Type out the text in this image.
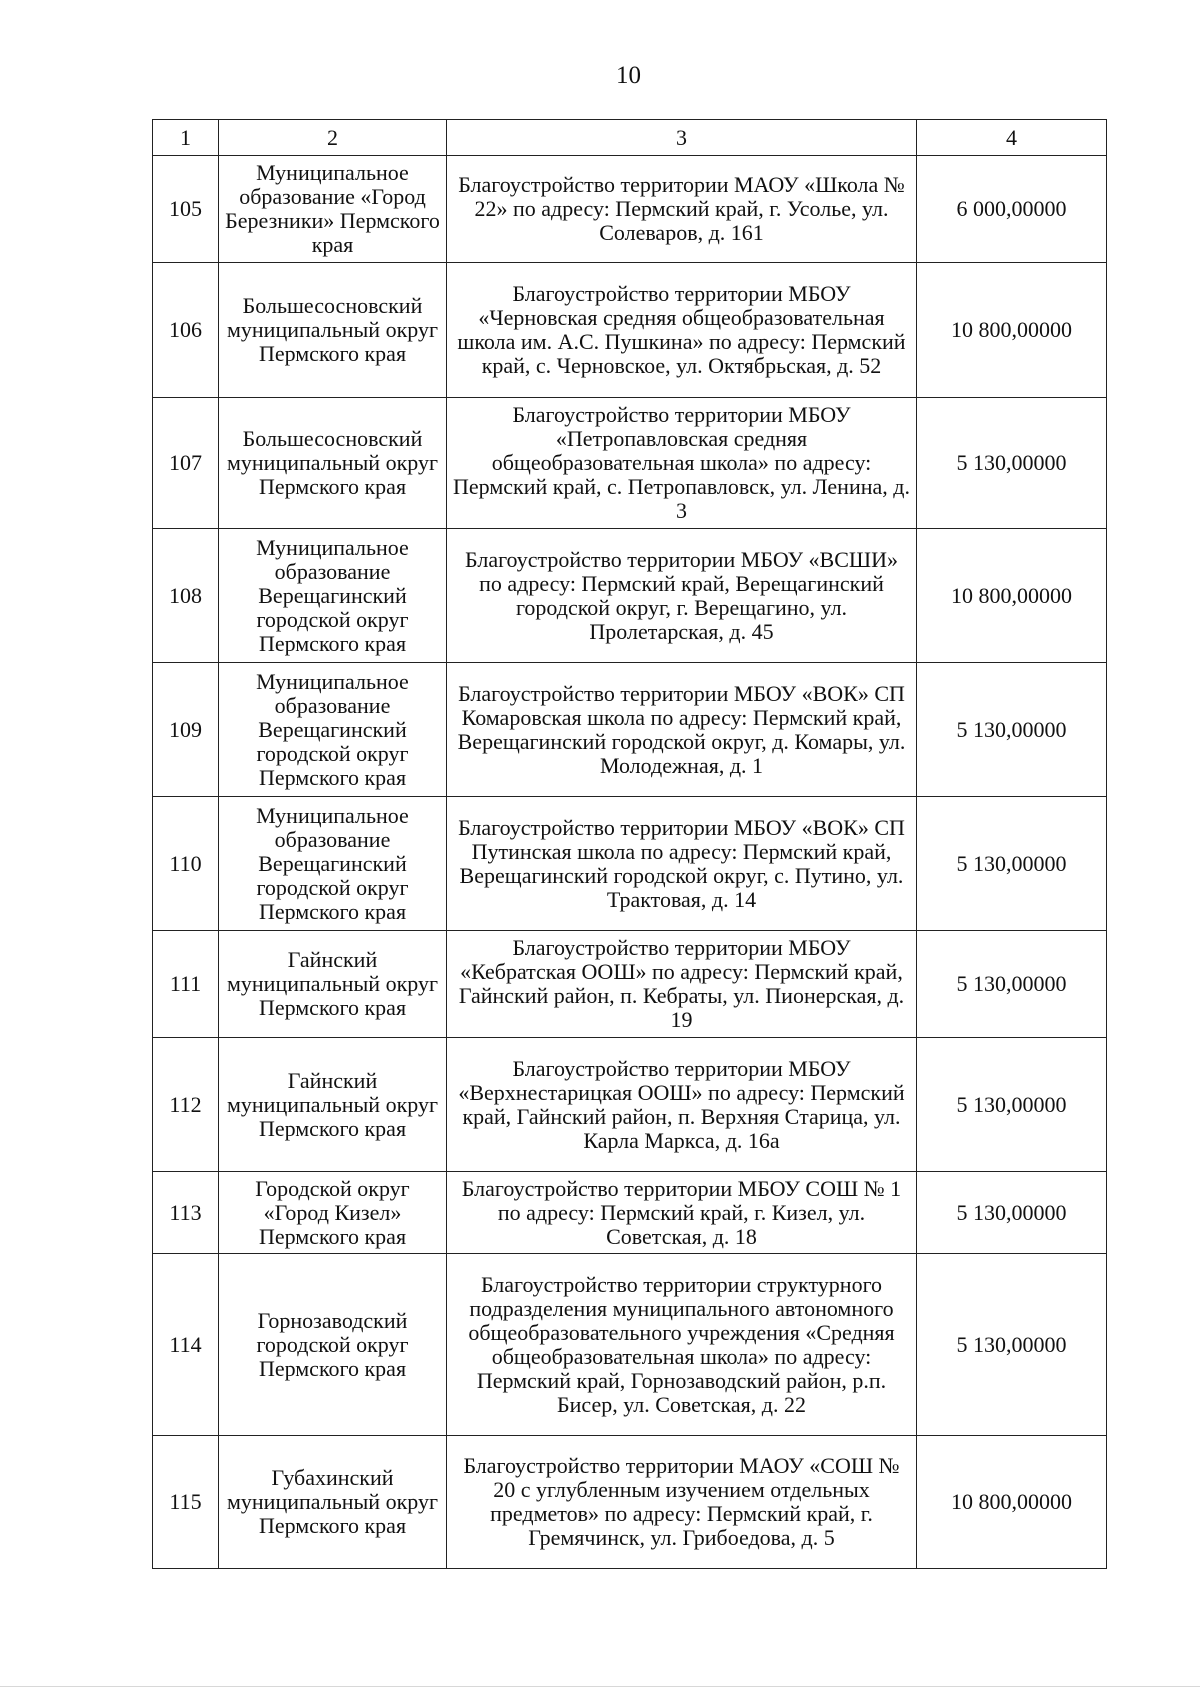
10
1	2	3	4
105	Муниципальное образование «Город Березники» Пермского края	Благоустройство территории МАОУ «Школа № 22» по адресу: Пермский край, г. Усолье, ул. Солеваров, д. 161	6 000,00000
106	Большесосновский муниципальный округ Пермского края	Благоустройство территории МБОУ «Черновская средняя общеобразовательная школа им. А.С. Пушкина» по адресу: Пермский край, с. Черновское, ул. Октябрьская, д. 52	10 800,00000
107	Большесосновский муниципальный округ Пермского края	Благоустройство территории МБОУ «Петропавловская средняя общеобразовательная школа» по адресу: Пермский край, с. Петропавловск, ул. Ленина, д. 3	5 130,00000
108	Муниципальное образование Верещагинский городской округ Пермского края	Благоустройство территории МБОУ «ВСШИ» по адресу: Пермский край, Верещагинский городской округ, г. Верещагино, ул. Пролетарская, д. 45	10 800,00000
109	Муниципальное образование Верещагинский городской округ Пермского края	Благоустройство территории МБОУ «ВОК» СП Комаровская школа по адресу: Пермский край, Верещагинский городской округ, д. Комары, ул. Молодежная, д. 1	5 130,00000
110	Муниципальное образование Верещагинский городской округ Пермского края	Благоустройство территории МБОУ «ВОК» СП Путинская школа по адресу: Пермский край, Верещагинский городской округ, с. Путино, ул. Трактовая, д. 14	5 130,00000
111	Гайнский муниципальный округ Пермского края	Благоустройство территории МБОУ «Кебратская ООШ» по адресу: Пермский край, Гайнский район, п. Кебраты, ул. Пионерская, д. 19	5 130,00000
112	Гайнский муниципальный округ Пермского края	Благоустройство территории МБОУ «Верхнестарицкая ООШ» по адресу: Пермский край, Гайнский район, п. Верхняя Старица, ул. Карла Маркса, д. 16а	5 130,00000
113	Городской округ «Город Кизел» Пермского края	Благоустройство территории МБОУ СОШ № 1 по адресу: Пермский край, г. Кизел, ул. Советская, д. 18	5 130,00000
114	Горнозаводский городской округ Пермского края	Благоустройство территории структурного подразделения муниципального автономного общеобразовательного учреждения «Средняя общеобразовательная школа» по адресу: Пермский край, Горнозаводский район, р.п. Бисер, ул. Советская, д. 22	5 130,00000
115	Губахинский муниципальный округ Пермского края	Благоустройство территории МАОУ «СОШ № 20 с углубленным изучением отдельных предметов» по адресу: Пермский край, г. Гремячинск, ул. Грибоедова, д. 5	10 800,00000
